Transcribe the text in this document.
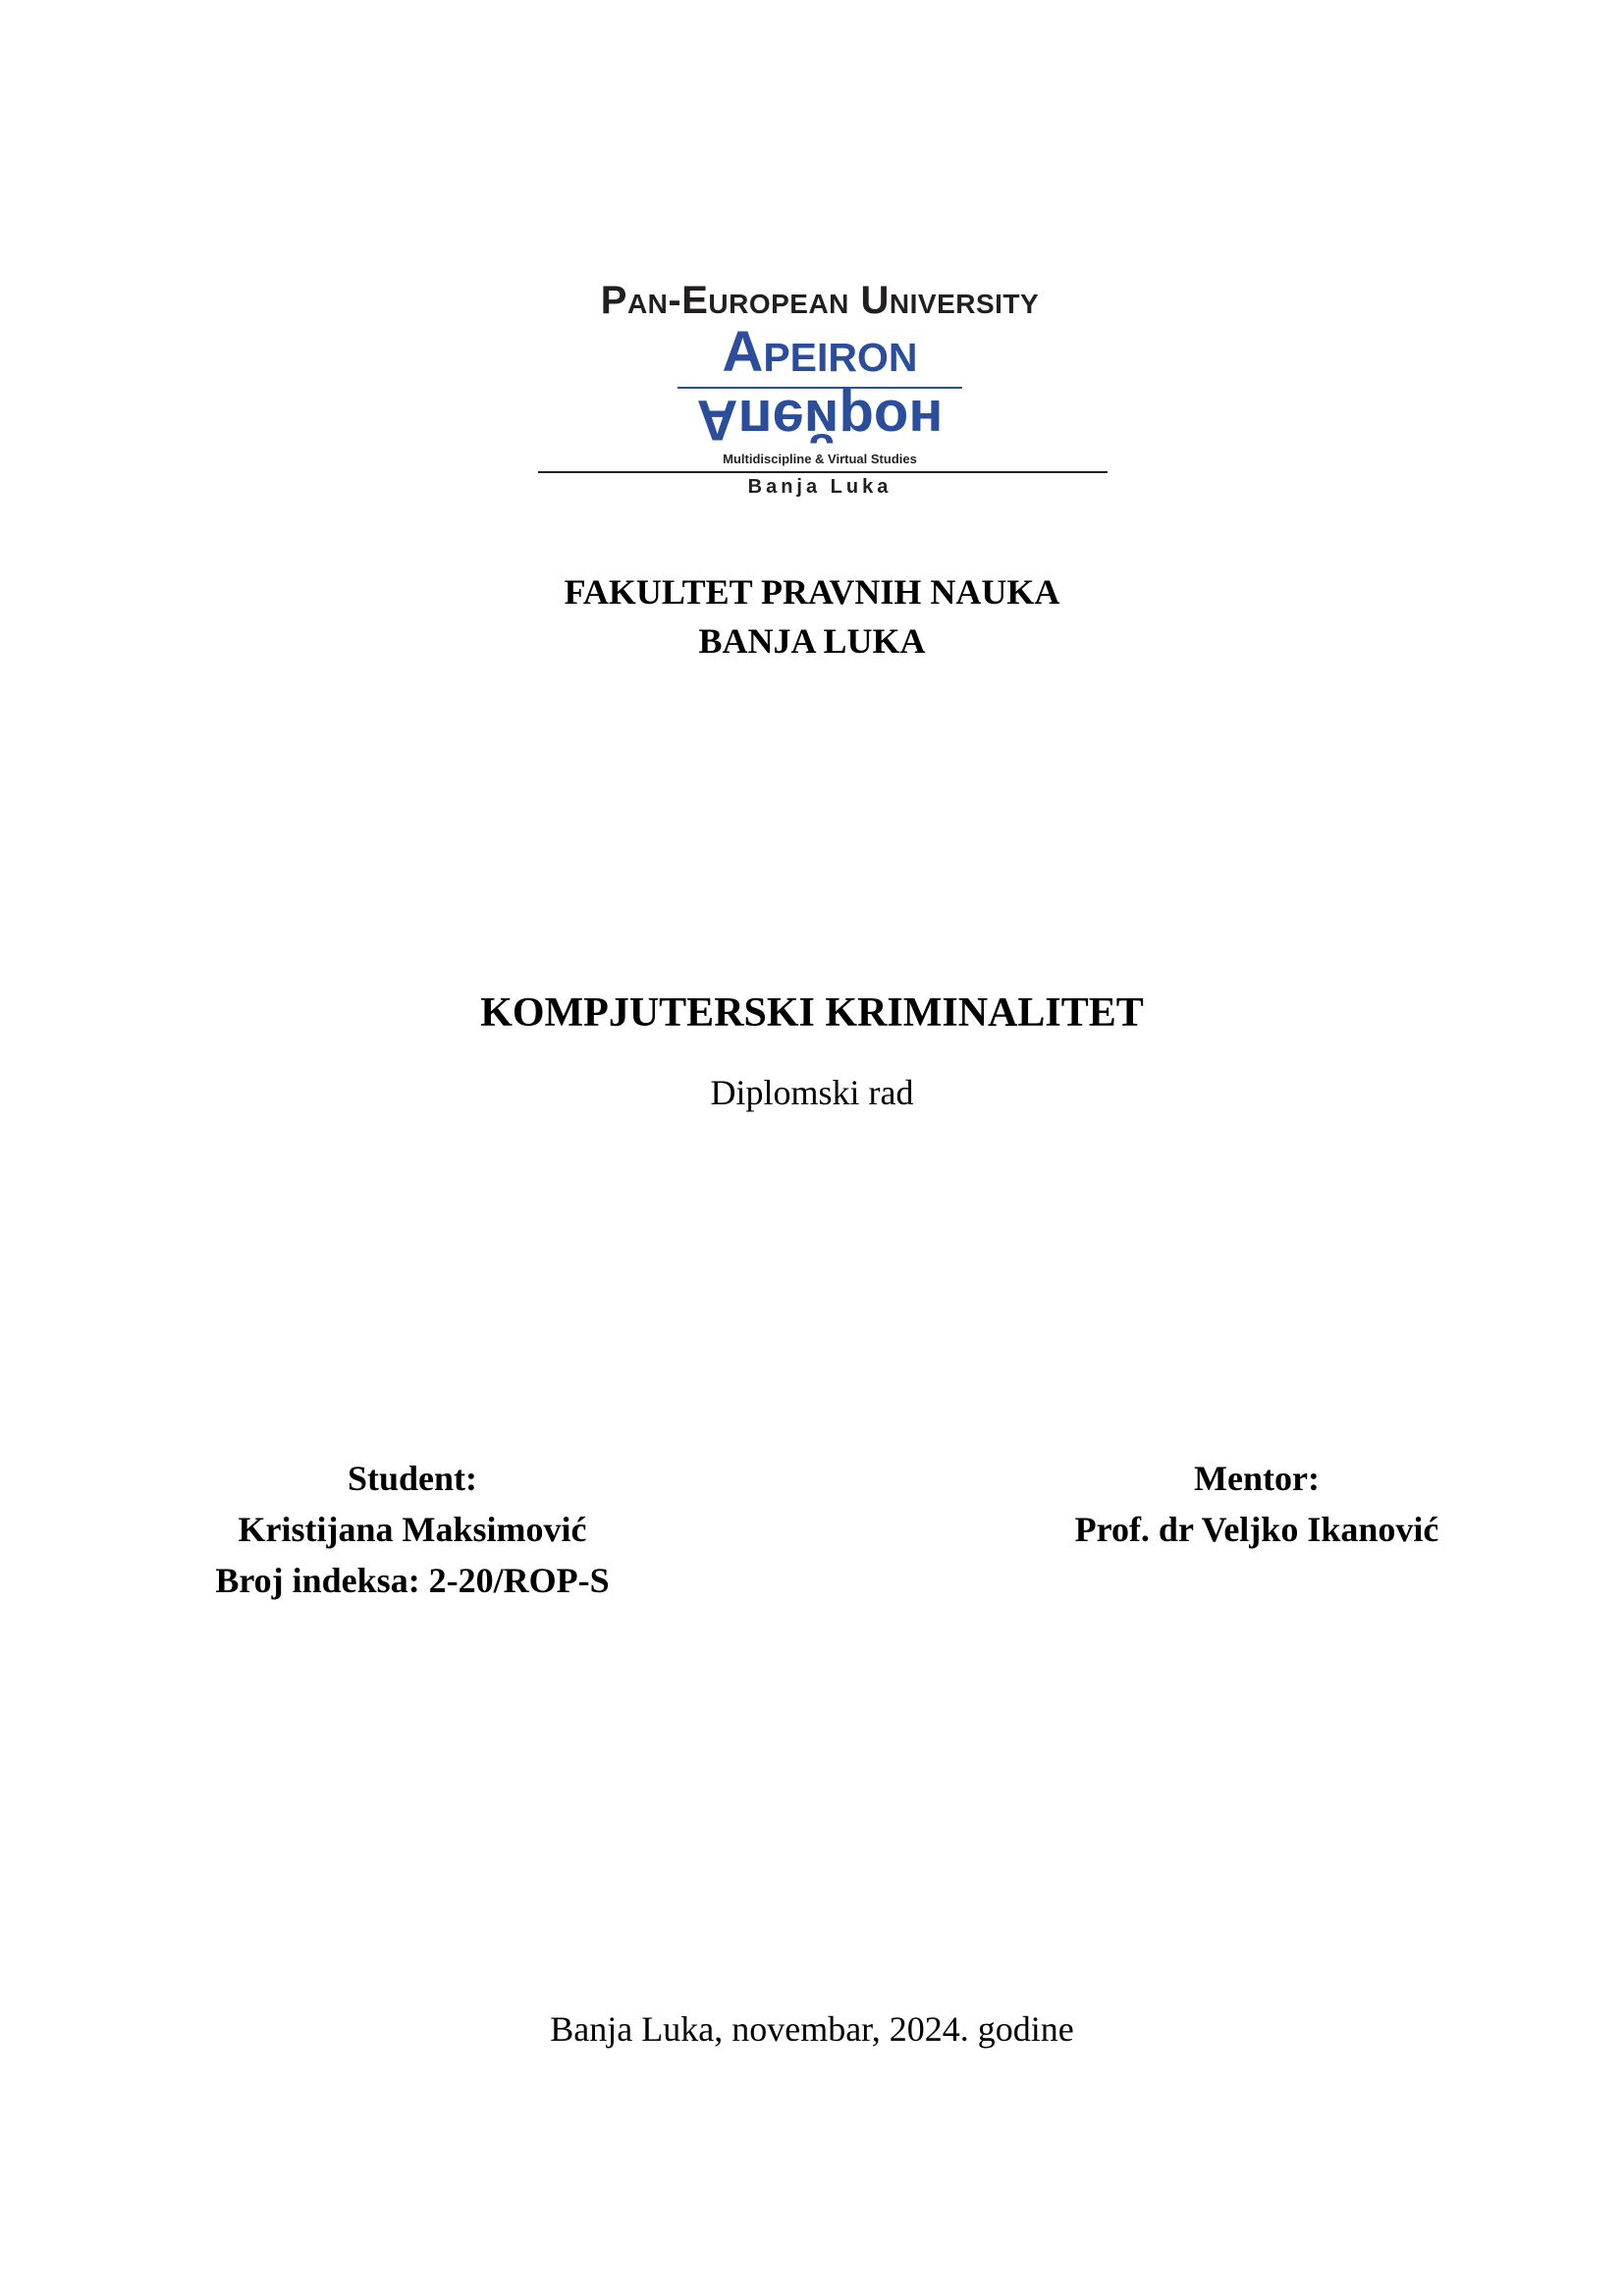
Pan-European University
Apeiron
Апейрон
Multidiscipline & Virtual Studies
Banja Luka
FAKULTET PRAVNIH NAUKA
BANJA LUKA
KOMPJUTERSKI KRIMINALITET
Diplomski rad
Student:
Kristijana Maksimović
Broj indeksa: 2-20/ROP-S
Mentor:
Prof. dr Veljko Ikanović
Banja Luka, novembar, 2024. godine
